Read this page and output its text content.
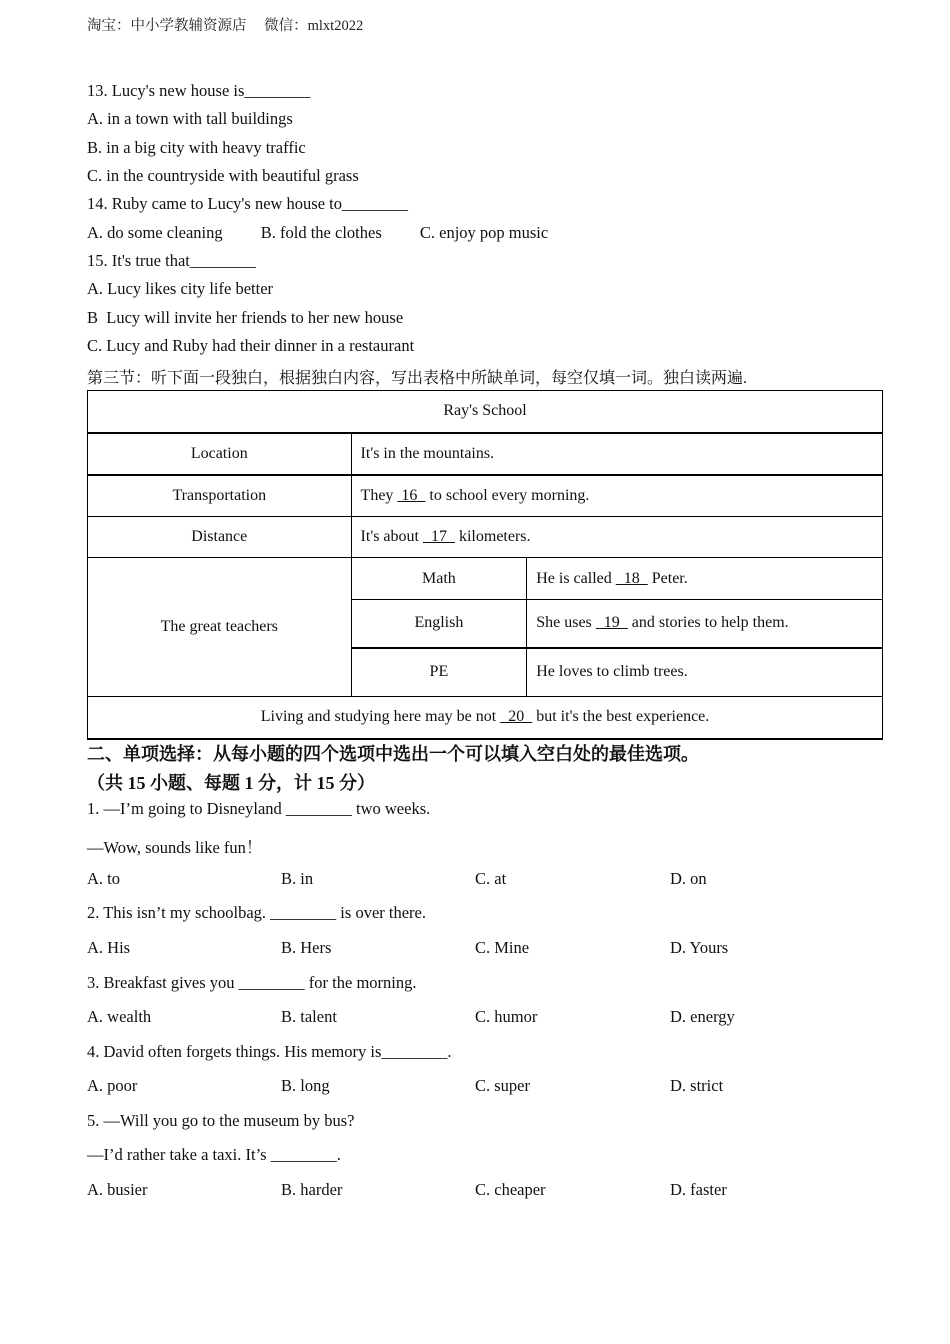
淘宝：中小学教辅资源店 微信：mlxt2022
13. Lucy's new house is________
A. in a town with tall buildings
B. in a big city with heavy traffic
C. in the countryside with beautiful grass
14. Ruby came to Lucy's new house to________
A. do some cleaning B. fold the clothes C. enjoy pop music
15. It's true that________
A. Lucy likes city life better
B  Lucy will invite her friends to her new house
C. Lucy and Ruby had their dinner in a restaurant
第三节：听下面一段独白，根据独白内容，写出表格中所缺单词，每空仅填一词。独白读两遍.
Ray's School		
Location	It's in the mountains.	
Transportation	They  16   to school every morning.	
Distance	It's about   17   kilometers.	
The great teachers	Math	He is called   18   Peter.
	English	She uses   19   and stories to help them.
	PE	He loves to climb trees.
Living and studying here may be not   20   but it's the best experience.		
二、单项选择：从每小题的四个选项中选出一个可以填入空白处的最佳选项。
（共 15 小题、每题 1 分，计 15 分）
1. —I’m going to Disneyland ________ two weeks.
—Wow, sounds like fun！
A. to	B. in	C. at	D. on
2. This isn’t my schoolbag. ________ is over there.
A. His	B. Hers	C. Mine	D. Yours
3. Breakfast gives you ________ for the morning.
A. wealth	B. talent	C. humor	D. energy
4. David often forgets things. His memory is________.
A. poor	B. long	C. super	D. strict
5. —Will you go to the museum by bus?
—I’d rather take a taxi. It’s ________.
A. busier	B. harder	C. cheaper	D. faster
